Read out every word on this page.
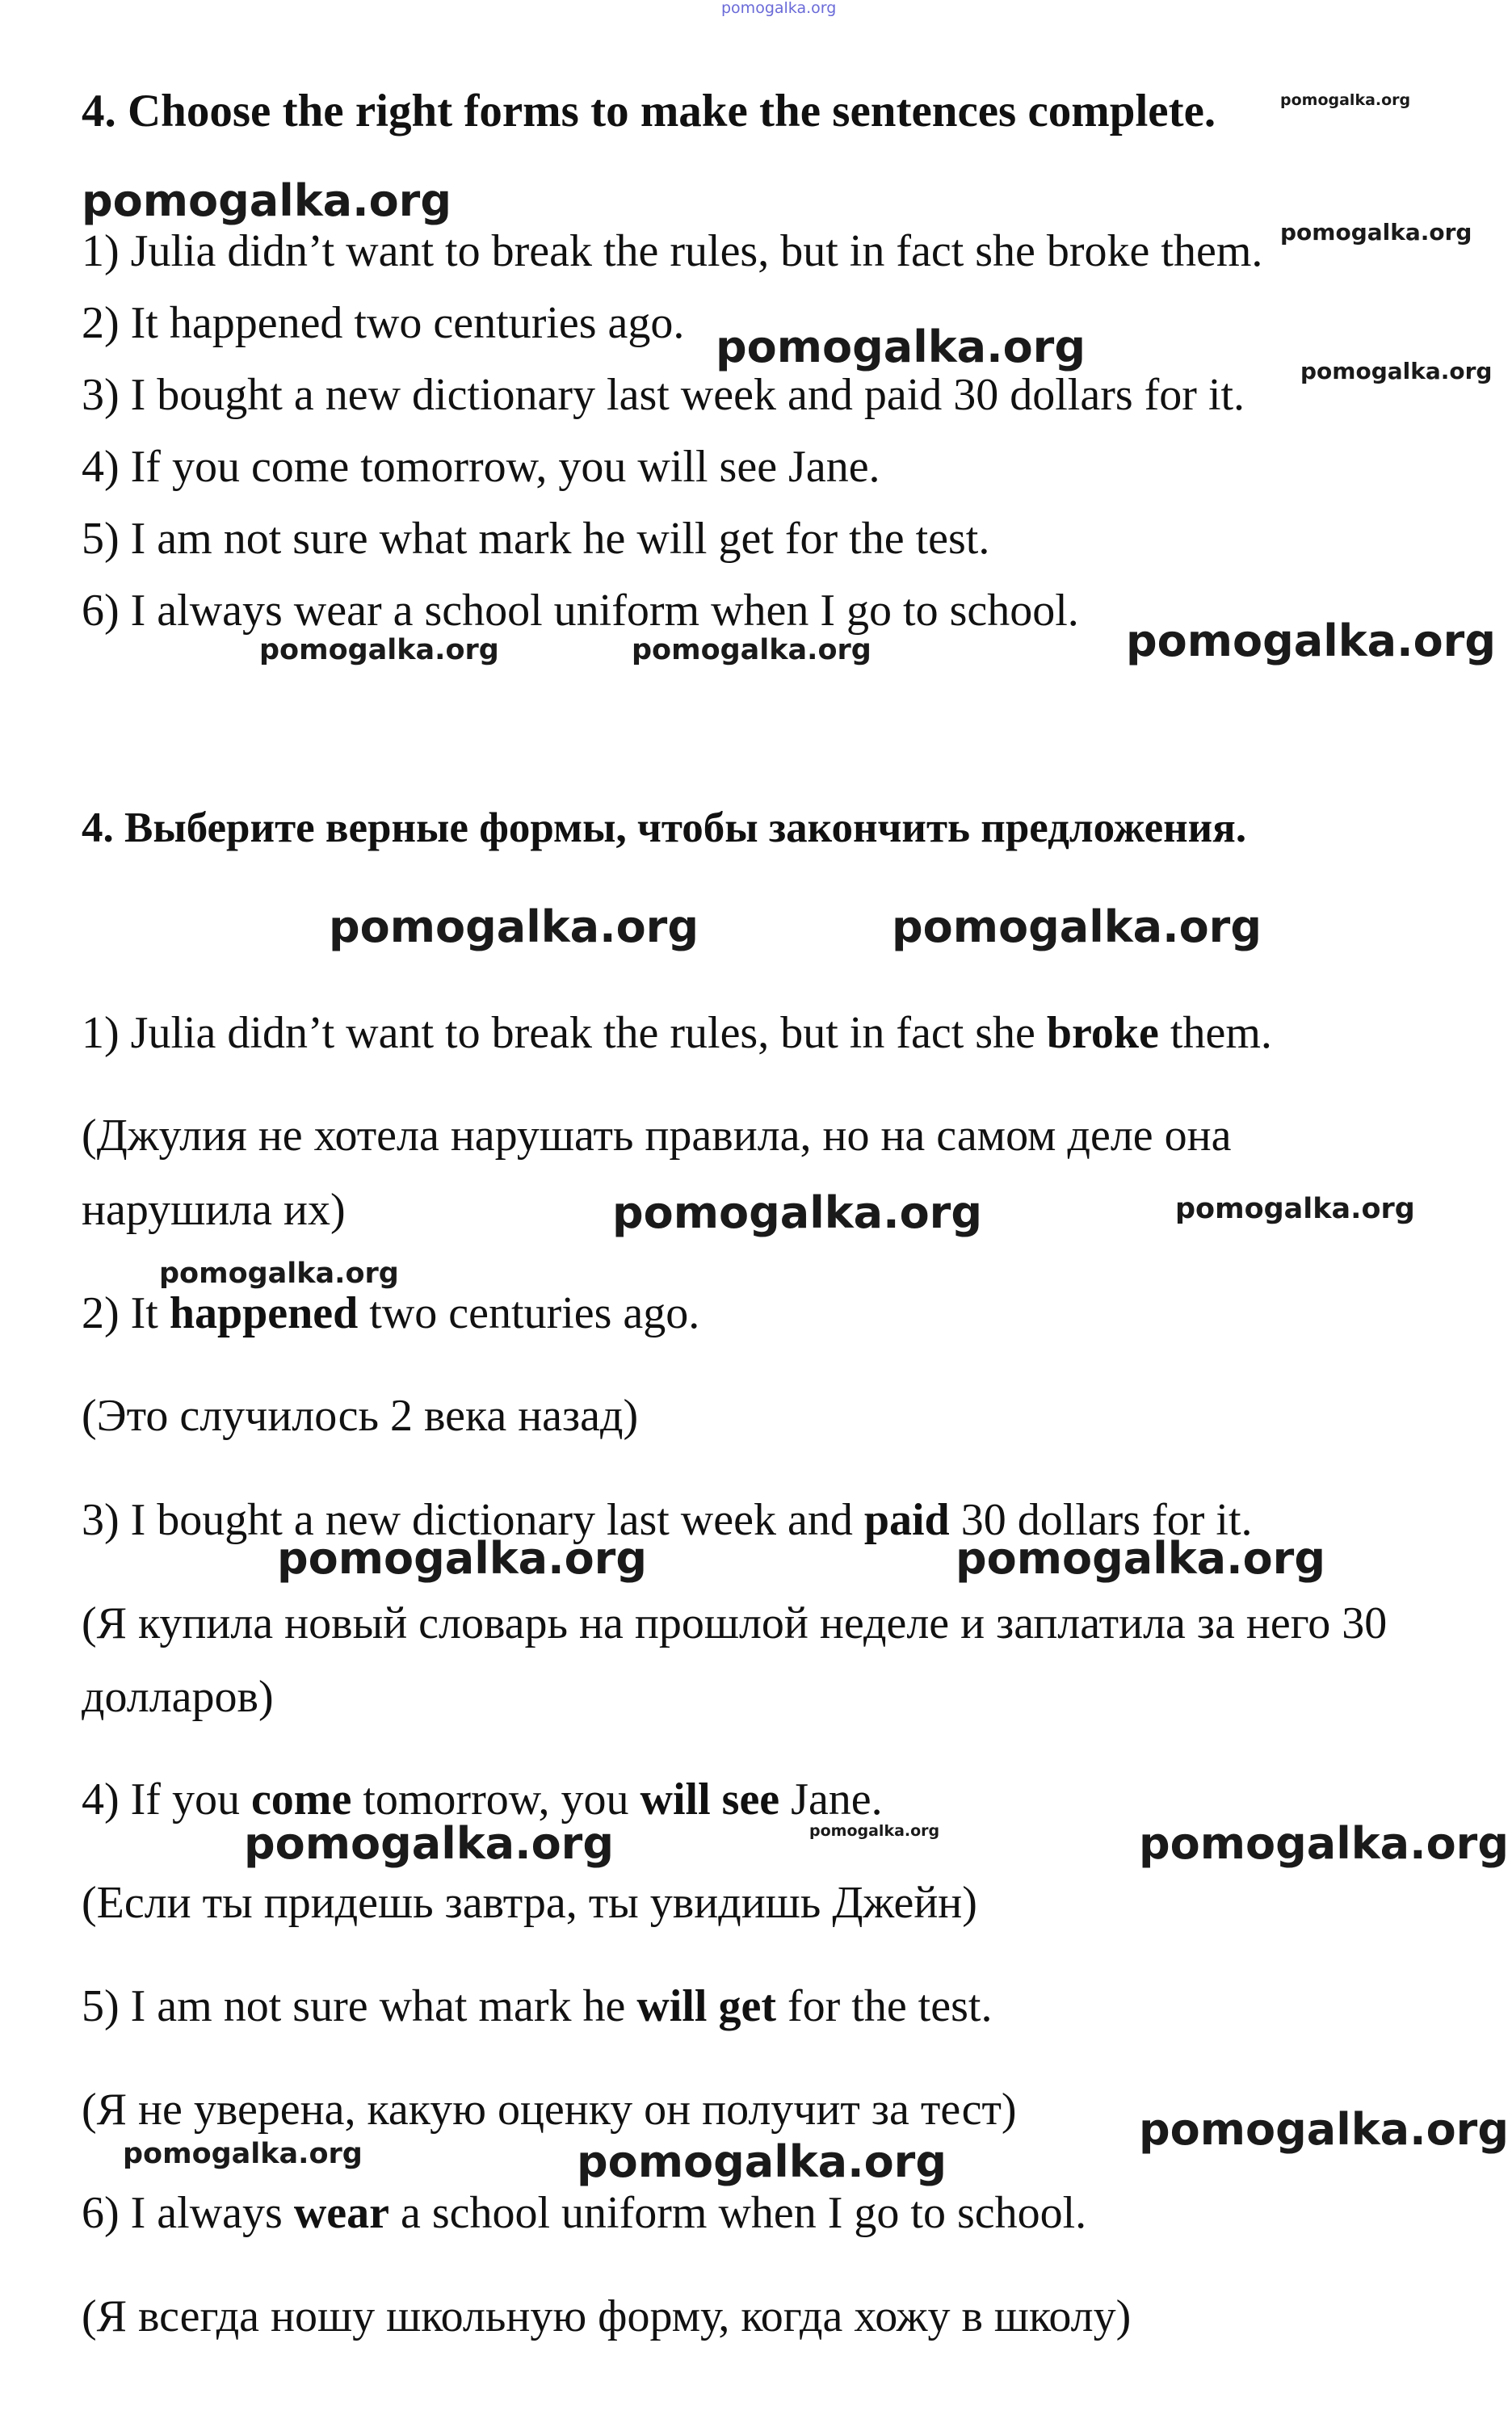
4. Choose the right forms to make the sentences complete.
1) Julia didn’t want to break the rules, but in fact she broke them.
2) It happened two centuries ago.
3) I bought a new dictionary last week and paid 30 dollars for it.
4) If you come tomorrow, you will see Jane.
5) I am not sure what mark he will get for the test.
6) I always wear a school uniform when I go to school.
4. Выберите верные формы, чтобы закончить предложения.
1) Julia didn’t want to break the rules, but in fact she broke them.
(Джулия не хотела нарушать правила, но на самом деле она
нарушила их)
2) It happened two centuries ago.
(Это случилось 2 века назад)
3) I bought a new dictionary last week and paid 30 dollars for it.
(Я купила новый словарь на прошлой неделе и заплатила за него 30
долларов)
4) If you come tomorrow, you will see Jane.
(Если ты придешь завтра, ты увидишь Джейн)
5) I am not sure what mark he will get for the test.
(Я не уверена, какую оценку он получит за тест)
6) I always wear a school uniform when I go to school.
(Я всегда ношу школьную форму, когда хожу в школу)
pomogalka.org
pomogalka.org
pomogalka.org
pomogalka.org
pomogalka.org	pomogalka.org
pomogalka.org
pomogalka.org	pomogalka.org
pomogalka.org	pomogalka.org
pomogalka.org	pomogalka.org
pomogalka.org
pomogalka.org	pomogalka.org
pomogalka.org	pomogalka.org	pomogalka.org
pomogalka.org
pomogalka.org	pomogalka.org
